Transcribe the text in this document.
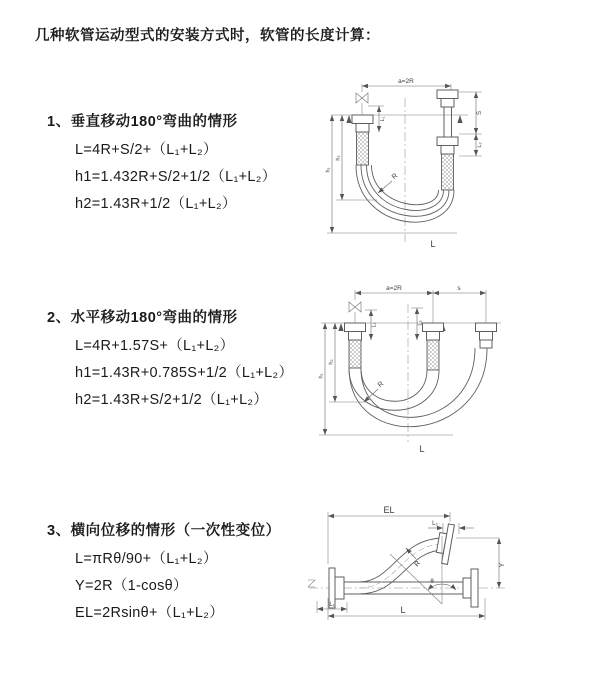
几种软管运动型式的安装方式时，软管的长度计算：
1、垂直移动180°弯曲的情形
L=4R+S/2+（L₁+L₂）
h1=1.432R+S/2+1/2（L₁+L₂）
h2=1.43R+1/2（L₁+L₂）
2、水平移动180°弯曲的情形
L=4R+1.57S+（L₁+L₂）
h1=1.43R+0.785S+1/2（L₁+L₂）
h2=1.43R+S/2+1/2（L₁+L₂）
3、横向位移的情形（一次性变位）
L=πRθ/90+（L₁+L₂）
Y=2R（1-cosθ）
EL=2Rsinθ+（L₁+L₂）
a=2R
L₁
S
L₂
h₁
h₂
R
L
a=2R	s
L₁	L₂
h₁
h₂
R
L
EL
L₂
Y
θ
R
L
L₁
